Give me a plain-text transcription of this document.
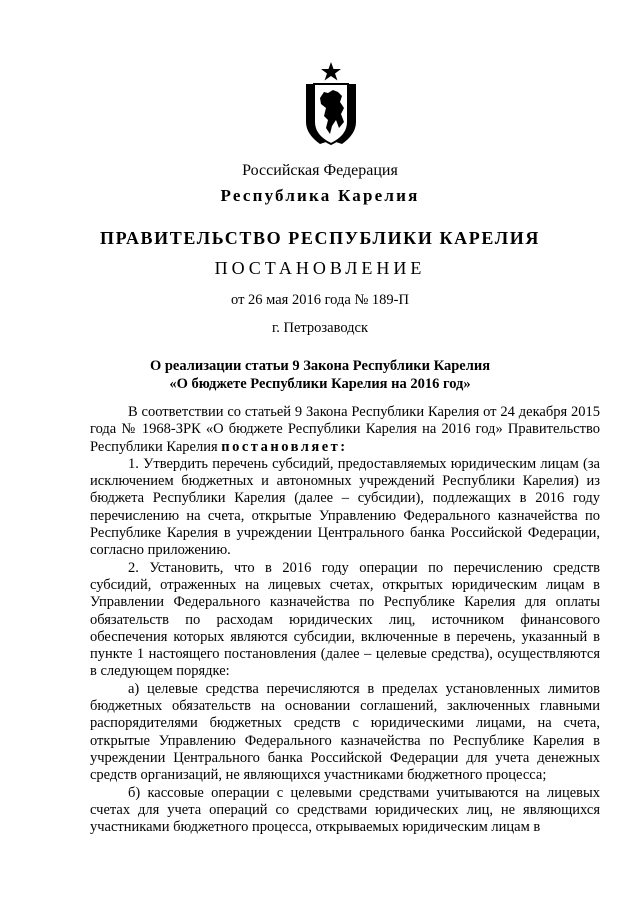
Российская Федерация
Республика Карелия
ПРАВИТЕЛЬСТВО РЕСПУБЛИКИ КАРЕЛИЯ
ПОСТАНОВЛЕНИЕ
от 26 мая 2016 года № 189-П
г. Петрозаводск
О реализации статьи 9 Закона Республики Карелия
«О бюджете Республики Карелия на 2016 год»

В соответствии со статьей 9 Закона Республики Карелия от 24 декабря 2015 года № 1968-ЗРК «О бюджете Республики Карелия на 2016 год» Правительство Республики Карелия постановляет:

1. Утвердить перечень субсидий, предоставляемых юридическим лицам (за исключением бюджетных и автономных учреждений Республики Карелия) из бюджета Республики Карелия (далее – субсидии), подлежащих в 2016 году перечислению на счета, открытые Управлению Федерального казначейства по Республике Карелия в учреждении Центрального банка Российской Федерации, согласно приложению.

2. Установить, что в 2016 году операции по перечислению средств субсидий, отраженных на лицевых счетах, открытых юридическим лицам в Управлении Федерального казначейства по Республике Карелия для оплаты обязательств по расходам юридических лиц, источником финансового обеспечения которых являются субсидии, включенные в перечень, указанный в пункте 1 настоящего постановления (далее – целевые средства), осуществляются в следующем порядке:

а) целевые средства перечисляются в пределах установленных лимитов бюджетных обязательств на основании соглашений, заключенных главными распорядителями бюджетных средств с юридическими лицами, на счета, открытые Управлению Федерального казначейства по Республике Карелия в учреждении Центрального банка Российской Федерации для учета денежных средств организаций, не являющихся участниками бюджетного процесса;

б) кассовые операции с целевыми средствами учитываются на лицевых счетах для учета операций со средствами юридических лиц, не являющихся участниками бюджетного процесса, открываемых юридическим лицам в
